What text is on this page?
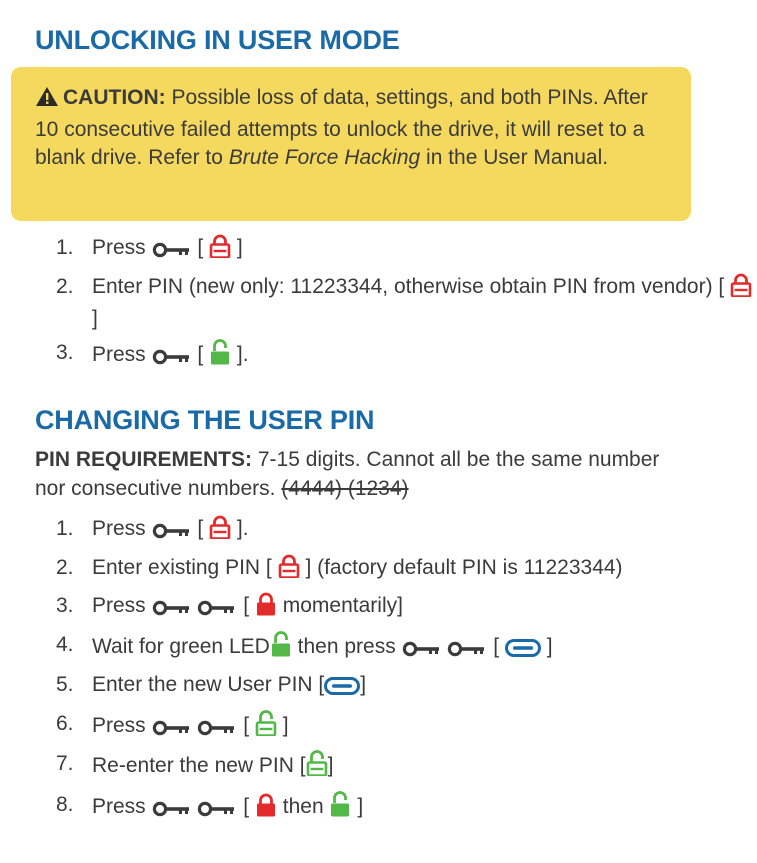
UNLOCKING IN USER MODE
CAUTION: Possible loss of data, settings, and both PINs. After 10 consecutive failed attempts to unlock the drive, it will reset to a blank drive. Refer to Brute Force Hacking in the User Manual.
1. Press [ ]
2. Enter PIN (new only: 11223344, otherwise obtain PIN from vendor) [  ]
3. Press [ ].
CHANGING THE USER PIN

PIN REQUIREMENTS: 7-15 digits. Cannot all be the same number nor consecutive numbers. (4444) (1234)

1. Press [ ].
2. Enter existing PIN [ ] (factory default PIN is 11223344)
3. Press	[ momentarily]
4. Wait for green LED then press	[ ]
5. Enter the new User PIN [ ]
6. Press	[ ]
7. Re-enter the new PIN [ ]
8. Press	[ then ]
